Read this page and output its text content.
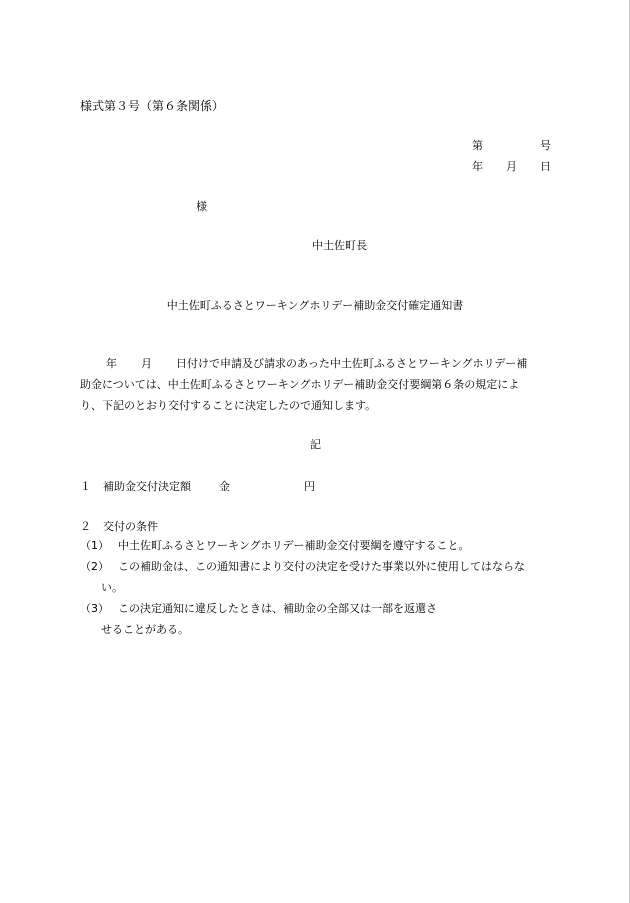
様式第３号（第６条関係）
第	号
年 月 日
様
中土佐町長
中土佐町ふるさとワーキングホリデー補助金交付確定通知書
年 月 日付けで申請及び請求のあった中土佐町ふるさとワーキングホリデー補
助金については、中土佐町ふるさとワーキングホリデー補助金交付要綱第６条の規定によ
り、下記のとおり交付することに決定したので通知します。
記
１ 補助金交付決定額	金	円
２ 交付の条件
（1） 中土佐町ふるさとワーキングホリデー補助金交付要綱を遵守すること。
（2） この補助金は、この通知書により交付の決定を受けた事業以外に使用してはならな
い。
（3） この決定通知に違反したときは、補助金の全部又は一部を返還さ
せることがある。
